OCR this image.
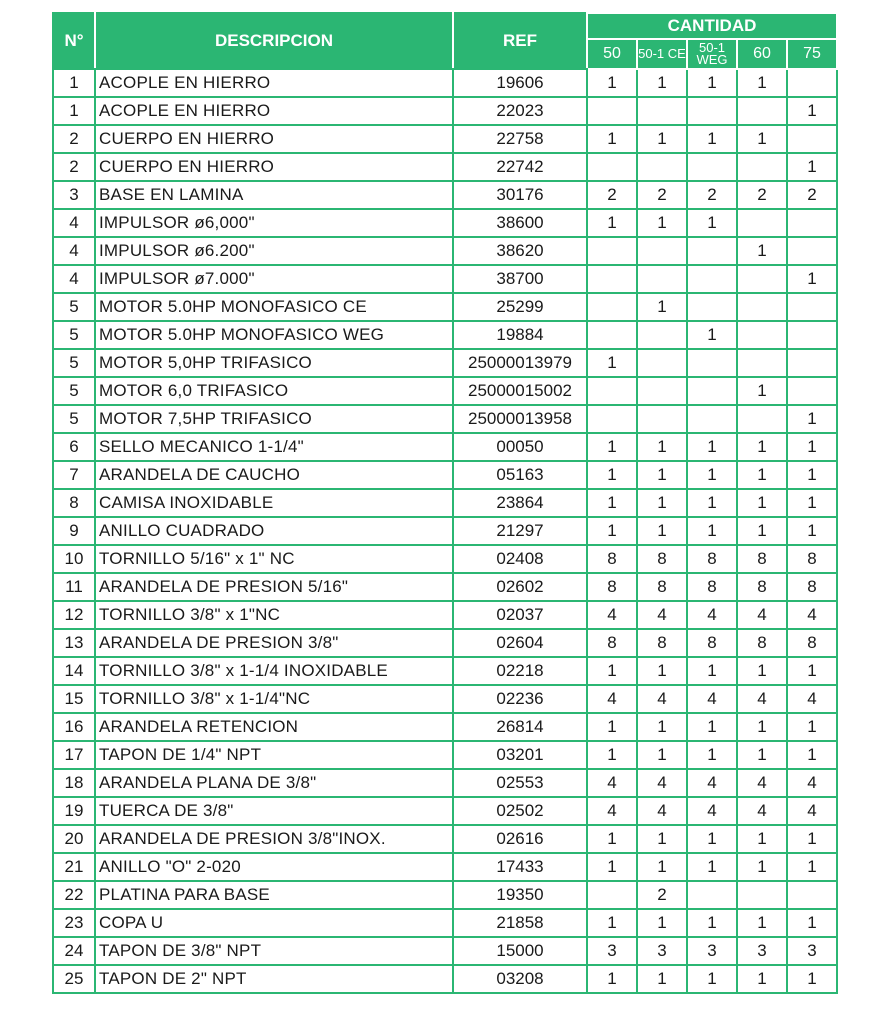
N°	DESCRIPCION	REF	CANTIDAD				
			50	50-1 CE	50-1 WEG	60	75
1	ACOPLE EN HIERRO	19606	1	1	1	1	
1	ACOPLE EN HIERRO	22023					1
2	CUERPO EN HIERRO	22758	1	1	1	1	
2	CUERPO EN HIERRO	22742					1
3	BASE EN LAMINA	30176	2	2	2	2	2
4	IMPULSOR ø6,000"	38600	1	1	1		
4	IMPULSOR ø6.200"	38620				1	
4	IMPULSOR ø7.000"	38700					1
5	MOTOR 5.0HP MONOFASICO CE	25299		1			
5	MOTOR 5.0HP MONOFASICO WEG	19884			1		
5	MOTOR 5,0HP TRIFASICO	25000013979	1				
5	MOTOR 6,0 TRIFASICO	25000015002				1	
5	MOTOR 7,5HP TRIFASICO	25000013958					1
6	SELLO MECANICO 1-1/4"	00050	1	1	1	1	1
7	ARANDELA DE CAUCHO	05163	1	1	1	1	1
8	CAMISA INOXIDABLE	23864	1	1	1	1	1
9	ANILLO CUADRADO	21297	1	1	1	1	1
10	TORNILLO 5/16" x 1" NC	02408	8	8	8	8	8
11	ARANDELA DE PRESION 5/16"	02602	8	8	8	8	8
12	TORNILLO 3/8" x 1"NC	02037	4	4	4	4	4
13	ARANDELA DE PRESION 3/8"	02604	8	8	8	8	8
14	TORNILLO 3/8" x 1-1/4 INOXIDABLE	02218	1	1	1	1	1
15	TORNILLO 3/8" x 1-1/4"NC	02236	4	4	4	4	4
16	ARANDELA RETENCION	26814	1	1	1	1	1
17	TAPON DE 1/4" NPT	03201	1	1	1	1	1
18	ARANDELA PLANA DE 3/8"	02553	4	4	4	4	4
19	TUERCA DE 3/8"	02502	4	4	4	4	4
20	ARANDELA DE PRESION 3/8"INOX.	02616	1	1	1	1	1
21	ANILLO "O" 2-020	17433	1	1	1	1	1
22	PLATINA PARA BASE	19350		2			
23	COPA U	21858	1	1	1	1	1
24	TAPON DE 3/8" NPT	15000	3	3	3	3	3
25	TAPON DE 2" NPT	03208	1	1	1	1	1
